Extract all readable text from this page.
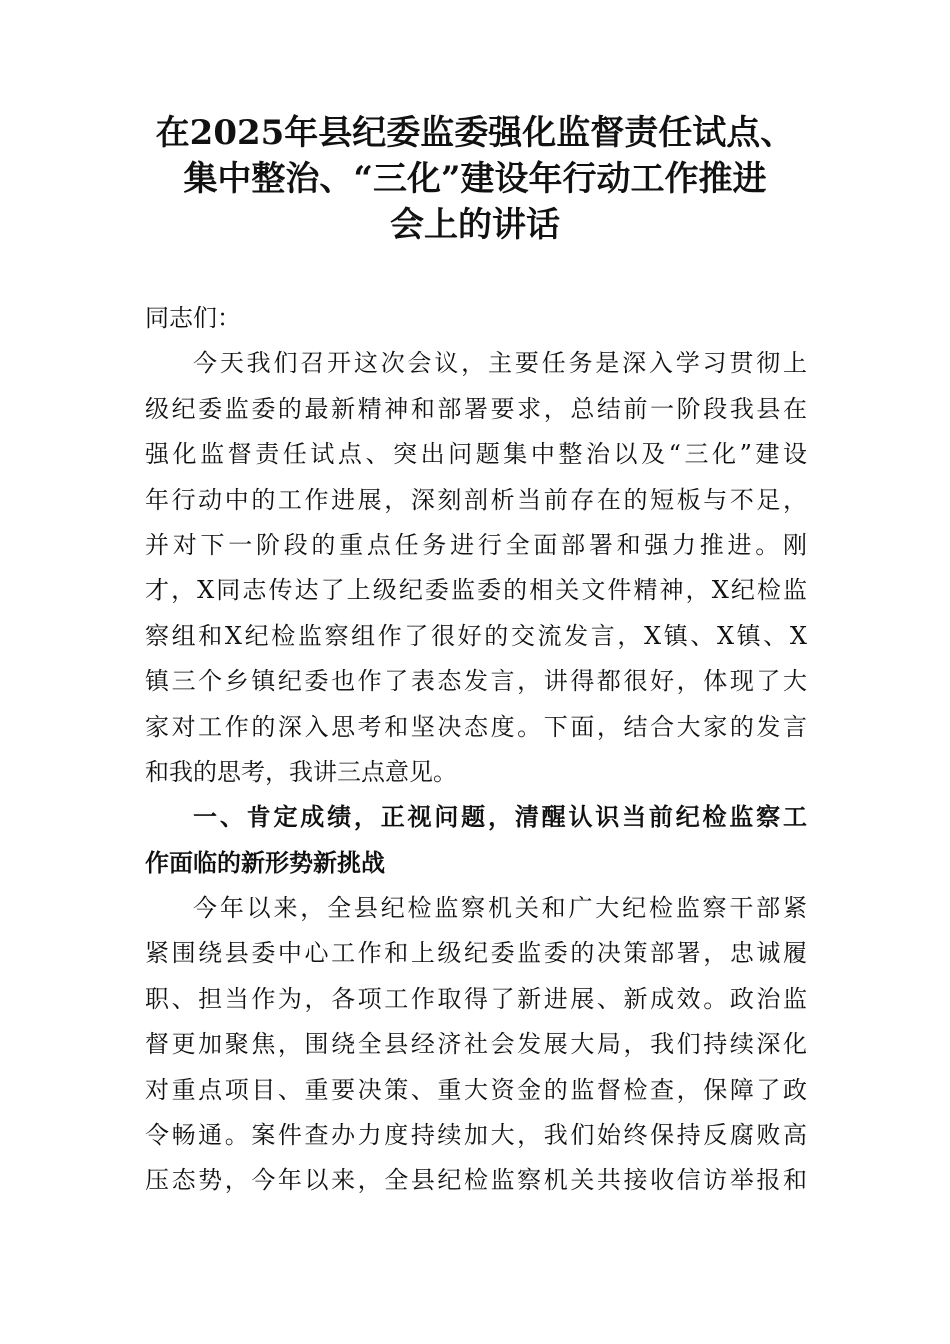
在2025年县纪委监委强化监督责任试点、
集中整治、“三化”建设年行动工作推进
会上的讲话
同志们：
今天我们召开这次会议，主要任务是深入学习贯彻上
级纪委监委的最新精神和部署要求，总结前一阶段我县在
强化监督责任试点、突出问题集中整治以及“三化”建设
年行动中的工作进展，深刻剖析当前存在的短板与不足，
并对下一阶段的重点任务进行全面部署和强力推进。刚
才，X同志传达了上级纪委监委的相关文件精神，X纪检监
察组和X纪检监察组作了很好的交流发言，X镇、X镇、X
镇三个乡镇纪委也作了表态发言，讲得都很好，体现了大
家对工作的深入思考和坚决态度。下面，结合大家的发言
和我的思考，我讲三点意见。
一、肯定成绩，正视问题，清醒认识当前纪检监察工
作面临的新形势新挑战
今年以来，全县纪检监察机关和广大纪检监察干部紧
紧围绕县委中心工作和上级纪委监委的决策部署，忠诚履
职、担当作为，各项工作取得了新进展、新成效。政治监
督更加聚焦，围绕全县经济社会发展大局，我们持续深化
对重点项目、重要决策、重大资金的监督检查，保障了政
令畅通。案件查办力度持续加大，我们始终保持反腐败高
压态势，今年以来，全县纪检监察机关共接收信访举报和
